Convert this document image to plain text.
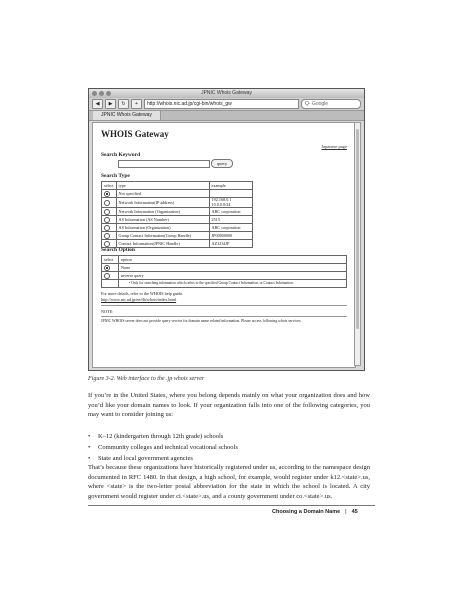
JPNIC Whois Gateway
◀	▶	↻	+	http://whois.nic.ad.jp/cgi-bin/whois_gw	Q- Google
JPNIC Whois Gateway
WHOIS Gateway
Japanese page
Search Keyword
query
Search Type
select	type	example
	Not specified	
	Network Information(IP address)	192.168.0.1 10.0.0.0/24
	Network Information (Organization)	ABC corporation
	AS Information (AS Number)	2515
	AS Information (Organization)	ABC corporation
	Group Contact Information(Group Handle)	JP00000000
	Contact Information(JPNIC Handle)	AZ1234JP
Search Option
select	option
	None
	inverse query
	• Only for searching information which refers to the specified Group Contact Information, or Contact Information.
For more details, refer to the WHOIS help guide.
http://www.nic.ad.jp/en/db/whois/index.html
NOTE:
JPNIC WHOIS server does not provide query service for domain name related information. Please access following whois services.
Figure 3-2. Web interface to the .jp whois server
If you’re in the United States, where you belong depends mainly on what your organization does and how you’d like your domain names to look. If your organization falls into one of the following categories, you may want to consider joining us:
• K–12 (kindergarten through 12th grade) schools
• Community colleges and technical vocational schools
• State and local government agencies
That’s because these organizations have historically registered under us, according to the namespace design documented in RFC 1480. In that design, a high school, for example, would register under k12.<state>.us, where <state> is the two-letter postal abbreviation for the state in which the school is located. A city government would register under ci.<state>.us, and a county government under co.<state>.us.
Choosing a Domain Name | 45
